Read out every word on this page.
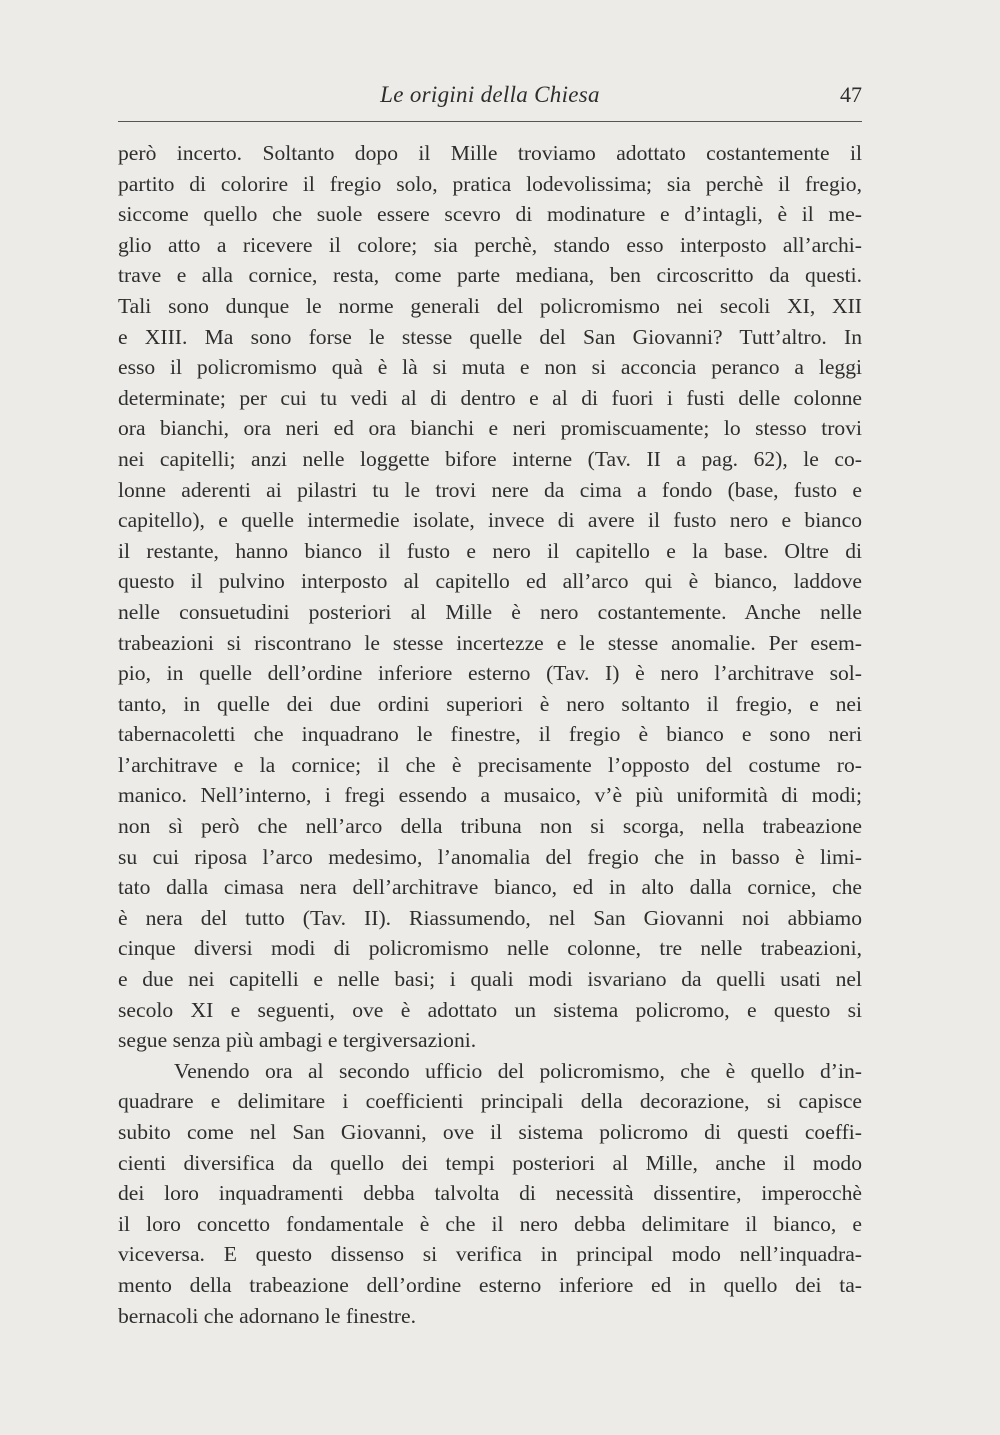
Le origini della Chiesa	47

però incerto. Soltanto dopo il Mille troviamo adottato costantemente il
partito di colorire il fregio solo, pratica lodevolissima; sia perchè il fregio,
siccome quello che suole essere scevro di modinature e d’intagli, è il me-
glio atto a ricevere il colore; sia perchè, stando esso interposto all’archi-
trave e alla cornice, resta, come parte mediana, ben circoscritto da questi.
Tali sono dunque le norme generali del policromismo nei secoli XI, XII
e XIII. Ma sono forse le stesse quelle del San Giovanni? Tutt’altro. In
esso il policromismo quà è là si muta e non si acconcia peranco a leggi
determinate; per cui tu vedi al di dentro e al di fuori i fusti delle colonne
ora bianchi, ora neri ed ora bianchi e neri promiscuamente; lo stesso trovi
nei capitelli; anzi nelle loggette bifore interne (Tav. II a pag. 62), le co-
lonne aderenti ai pilastri tu le trovi nere da cima a fondo (base, fusto e
capitello), e quelle intermedie isolate, invece di avere il fusto nero e bianco
il restante, hanno bianco il fusto e nero il capitello e la base. Oltre di
questo il pulvino interposto al capitello ed all’arco qui è bianco, laddove
nelle consuetudini posteriori al Mille è nero costantemente. Anche nelle
trabeazioni si riscontrano le stesse incertezze e le stesse anomalie. Per esem-
pio, in quelle dell’ordine inferiore esterno (Tav. I) è nero l’architrave sol-
tanto, in quelle dei due ordini superiori è nero soltanto il fregio, e nei
tabernacoletti che inquadrano le finestre, il fregio è bianco e sono neri
l’architrave e la cornice; il che è precisamente l’opposto del costume ro-
manico. Nell’interno, i fregi essendo a musaico, v’è più uniformità di modi;
non sì però che nell’arco della tribuna non si scorga, nella trabeazione
su cui riposa l’arco medesimo, l’anomalia del fregio che in basso è limi-
tato dalla cimasa nera dell’architrave bianco, ed in alto dalla cornice, che
è nera del tutto (Tav. II). Riassumendo, nel San Giovanni noi abbiamo
cinque diversi modi di policromismo nelle colonne, tre nelle trabeazioni,
e due nei capitelli e nelle basi; i quali modi isvariano da quelli usati nel
secolo XI e seguenti, ove è adottato un sistema policromo, e questo si
segue senza più ambagi e tergiversazioni.

Venendo ora al secondo ufficio del policromismo, che è quello d’in-
quadrare e delimitare i coefficienti principali della decorazione, si capisce
subito come nel San Giovanni, ove il sistema policromo di questi coeffi-
cienti diversifica da quello dei tempi posteriori al Mille, anche il modo
dei loro inquadramenti debba talvolta di necessità dissentire, imperocchè
il loro concetto fondamentale è che il nero debba delimitare il bianco, e
viceversa. E questo dissenso si verifica in principal modo nell’inquadra-
mento della trabeazione dell’ordine esterno inferiore ed in quello dei ta-
bernacoli che adornano le finestre.
